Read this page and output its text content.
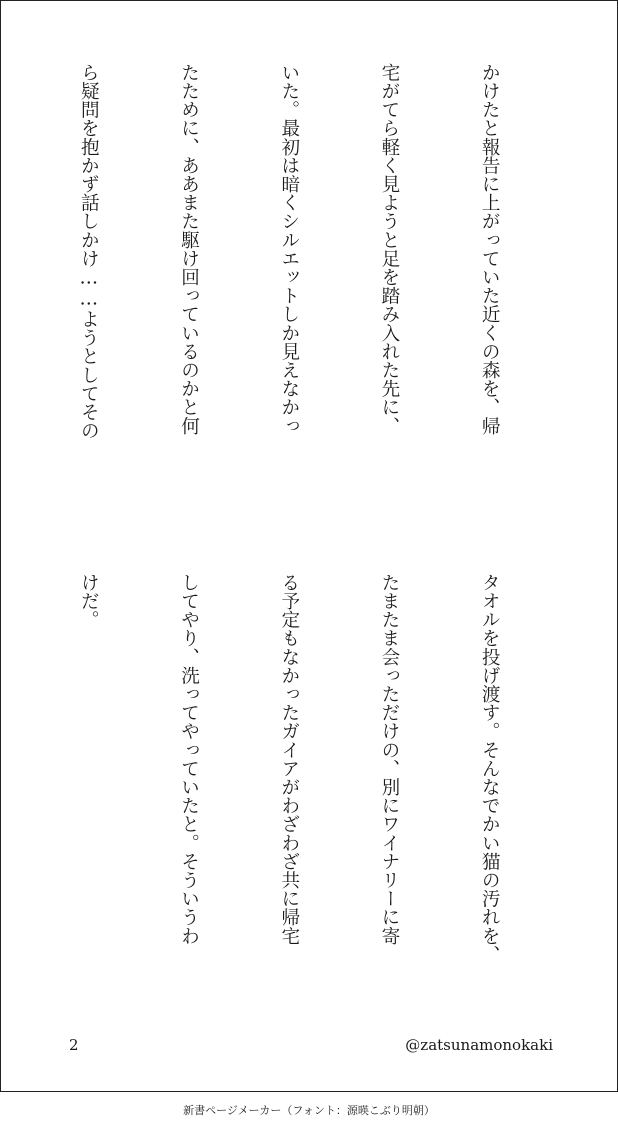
かけたと報告に上がっていた近くの森を、帰

宅がてら軽く見ようと足を踏み入れた先に、

いた。最初は暗くシルエットしか見えなかっ

たために、ああまた駆け回っているのかと何

ら疑問を抱かず話しかけ……ようとしてその

タオルを投げ渡す。そんなでかい猫の汚れを、

たまたま会っただけの、別にワイナリーに寄

る予定もなかったガイアがわざわざ共に帰宅

してやり、洗ってやっていたと。そういうわ

けだ。

2	@zatsunamonokaki
新書ページメーカー（フォント：源暎こぶり明朝）
